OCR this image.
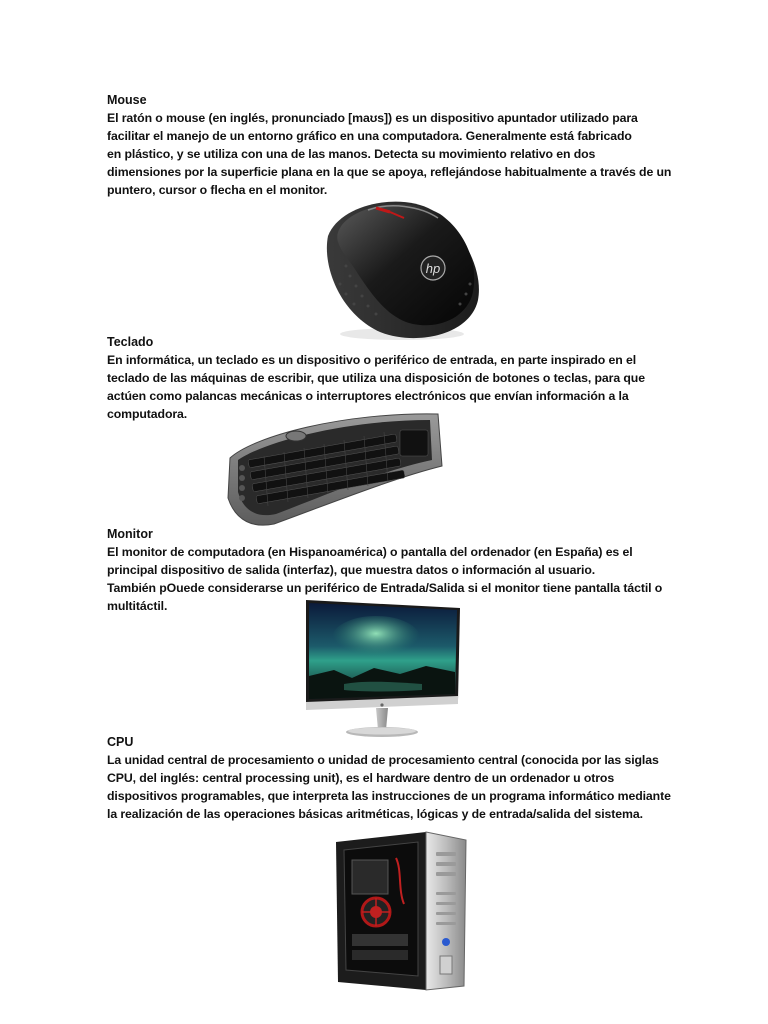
Mouse

El ratón o mouse (en inglés, pronunciado [maʊs]) es un dispositivo apuntador utilizado para
facilitar el manejo de un entorno gráfico en una computadora. Generalmente está fabricado
en plástico, y se utiliza con una de las manos. Detecta su movimiento relativo en dos
dimensiones por la superficie plana en la que se apoya, reflejándose habitualmente a través de un
puntero, cursor o flecha en el monitor.

hp

Teclado

En informática, un teclado es un dispositivo o periférico de entrada, en parte inspirado en el
teclado de las máquinas de escribir, que utiliza una disposición de botones o teclas, para que
actúen como palancas mecánicas o interruptores electrónicos que envían información a la
computadora.

Monitor

El monitor de computadora (en Hispanoamérica) o pantalla del ordenador (en España) es el
principal dispositivo de salida (interfaz), que muestra datos o información al usuario.
También pOuede considerarse un periférico de Entrada/Salida si el monitor tiene pantalla táctil o
multitáctil.

CPU

La unidad central de procesamiento o unidad de procesamiento central (conocida por las siglas
CPU, del inglés: central processing unit), es el hardware dentro de un ordenador u otros
dispositivos programables, que interpreta las instrucciones de un programa informático mediante
la realización de las operaciones básicas aritméticas, lógicas y de entrada/salida del sistema.
